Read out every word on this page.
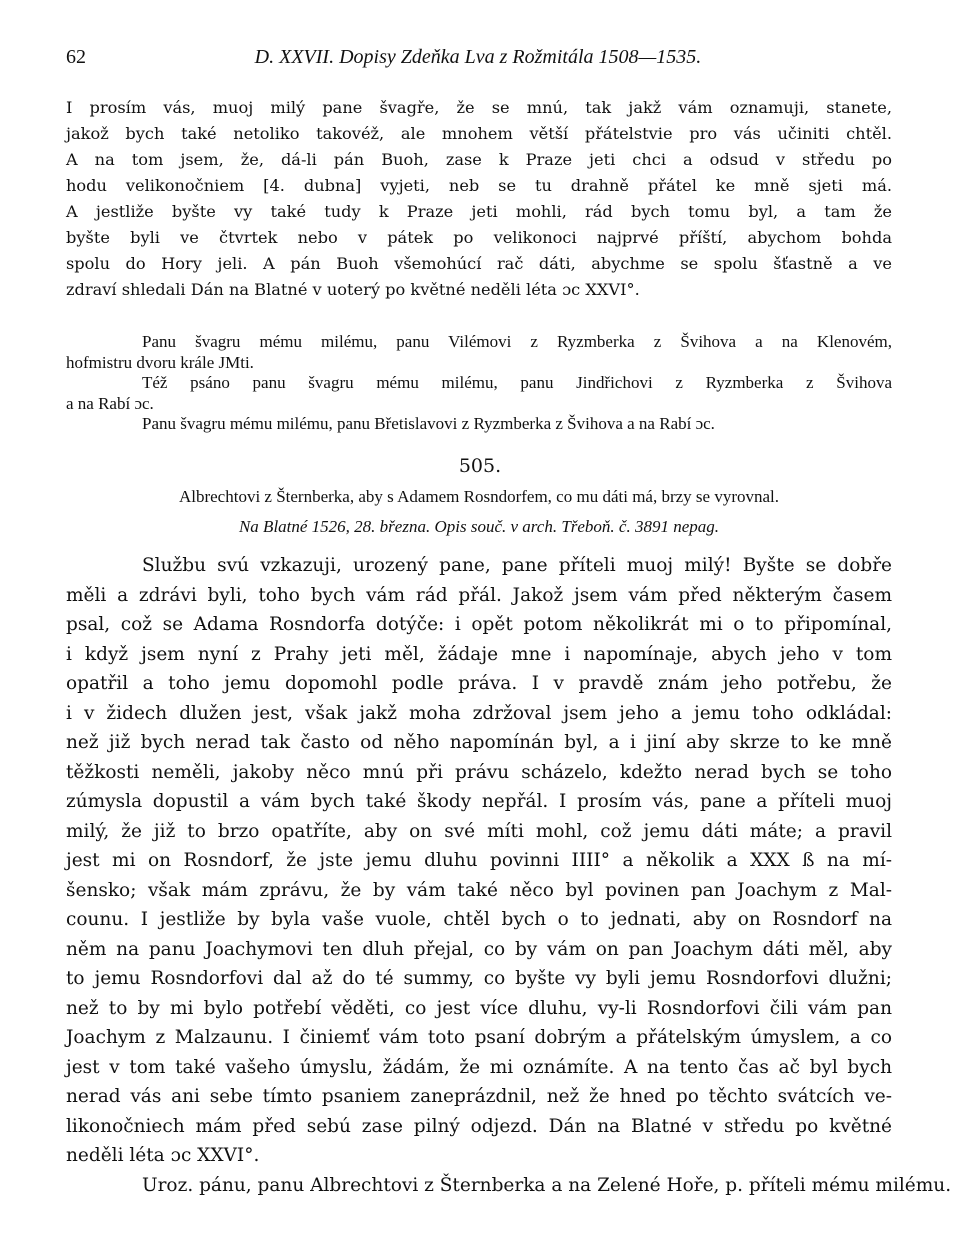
62	D. XXVII. Dopisy Zdeňka Lva z Rožmitála 1508—1535.
I prosím vás, muoj milý pane švagře, že se mnú, tak jakž vám oznamuji, stanete,
jakož bych také netoliko takovéž, ale mnohem větší přátelstvie pro vás učiniti chtěl.
A na tom jsem, že, dá-li pán Buoh, zase k Praze jeti chci a odsud v středu po
hodu velikonočniem [4. dubna] vyjeti, neb se tu drahně přátel ke mně sjeti má.
A jestliže byšte vy také tudy k Praze jeti mohli, rád bych tomu byl, a tam že
byšte byli ve čtvrtek nebo v pátek po velikonoci najprvé příští, abychom bohda
spolu do Hory jeli. A pán Buoh všemohúcí rač dáti, abychme se spolu šťastně a ve
zdraví shledali Dán na Blatné v uoterý po květné neděli léta ɔc XXVI°.
Panu švagru mému milému, panu Vilémovi z Ryzmberka z Švihova a na Klenovém,
hofmistru dvoru krále JMti.
Též psáno panu švagru mému milému, panu Jindřichovi z Ryzmberka z Švihova
a na Rabí ɔc.
Panu švagru mému milému, panu Břetislavovi z Ryzmberka z Švihova a na Rabí ɔc.
505.
Albrechtovi z Šternberka, aby s Adamem Rosndorfem, co mu dáti má, brzy se vyrovnal.
Na Blatné 1526, 28. března. Opis souč. v arch. Třeboň. č. 3891 nepag.
Službu svú vzkazuji, urozený pane, pane příteli muoj milý! Byšte se dobře
měli a zdrávi byli, toho bych vám rád přál. Jakož jsem vám před některým časem
psal, což se Adama Rosndorfa dotýče: i opět potom několikrát mi o to připomínal,
i když jsem nyní z Prahy jeti měl, žádaje mne i napomínaje, abych jeho v tom
opatřil a toho jemu dopomohl podle práva. I v pravdě znám jeho potřebu, že
i v židech dlužen jest, však jakž moha zdržoval jsem jeho a jemu toho odkládal:
než již bych nerad tak často od něho napomínán byl, a i jiní aby skrze to ke mně
těžkosti neměli, jakoby něco mnú při právu scházelo, kdežto nerad bych se toho
zúmysla dopustil a vám bych také škody nepřál. I prosím vás, pane a příteli muoj
milý, že již to brzo opatříte, aby on své míti mohl, což jemu dáti máte; a pravil
jest mi on Rosndorf, že jste jemu dluhu povinni IIII° a několik a XXX ß na mí-
šensko; však mám zprávu, že by vám také něco byl povinen pan Joachym z Mal-
counu. I jestliže by byla vaše vuole, chtěl bych o to jednati, aby on Rosndorf na
něm na panu Joachymovi ten dluh přejal, co by vám on pan Joachym dáti měl, aby
to jemu Rosndorfovi dal až do té summy, co byšte vy byli jemu Rosndorfovi dlužni;
než to by mi bylo potřebí věděti, co jest více dluhu, vy-li Rosndorfovi čili vám pan
Joachym z Malzaunu. I činiemť vám toto psaní dobrým a přátelským úmyslem, a co
jest v tom také vašeho úmyslu, žádám, že mi oznámíte. A na tento čas ač byl bych
nerad vás ani sebe tímto psaniem zaneprázdnil, než že hned po těchto svátcích ve-
likonočniech mám před sebú zase pilný odjezd. Dán na Blatné v středu po květné
neděli léta ɔc XXVI°.
Uroz. pánu, panu Albrechtovi z Šternberka a na Zelené Hoře, p. příteli mému milému.
